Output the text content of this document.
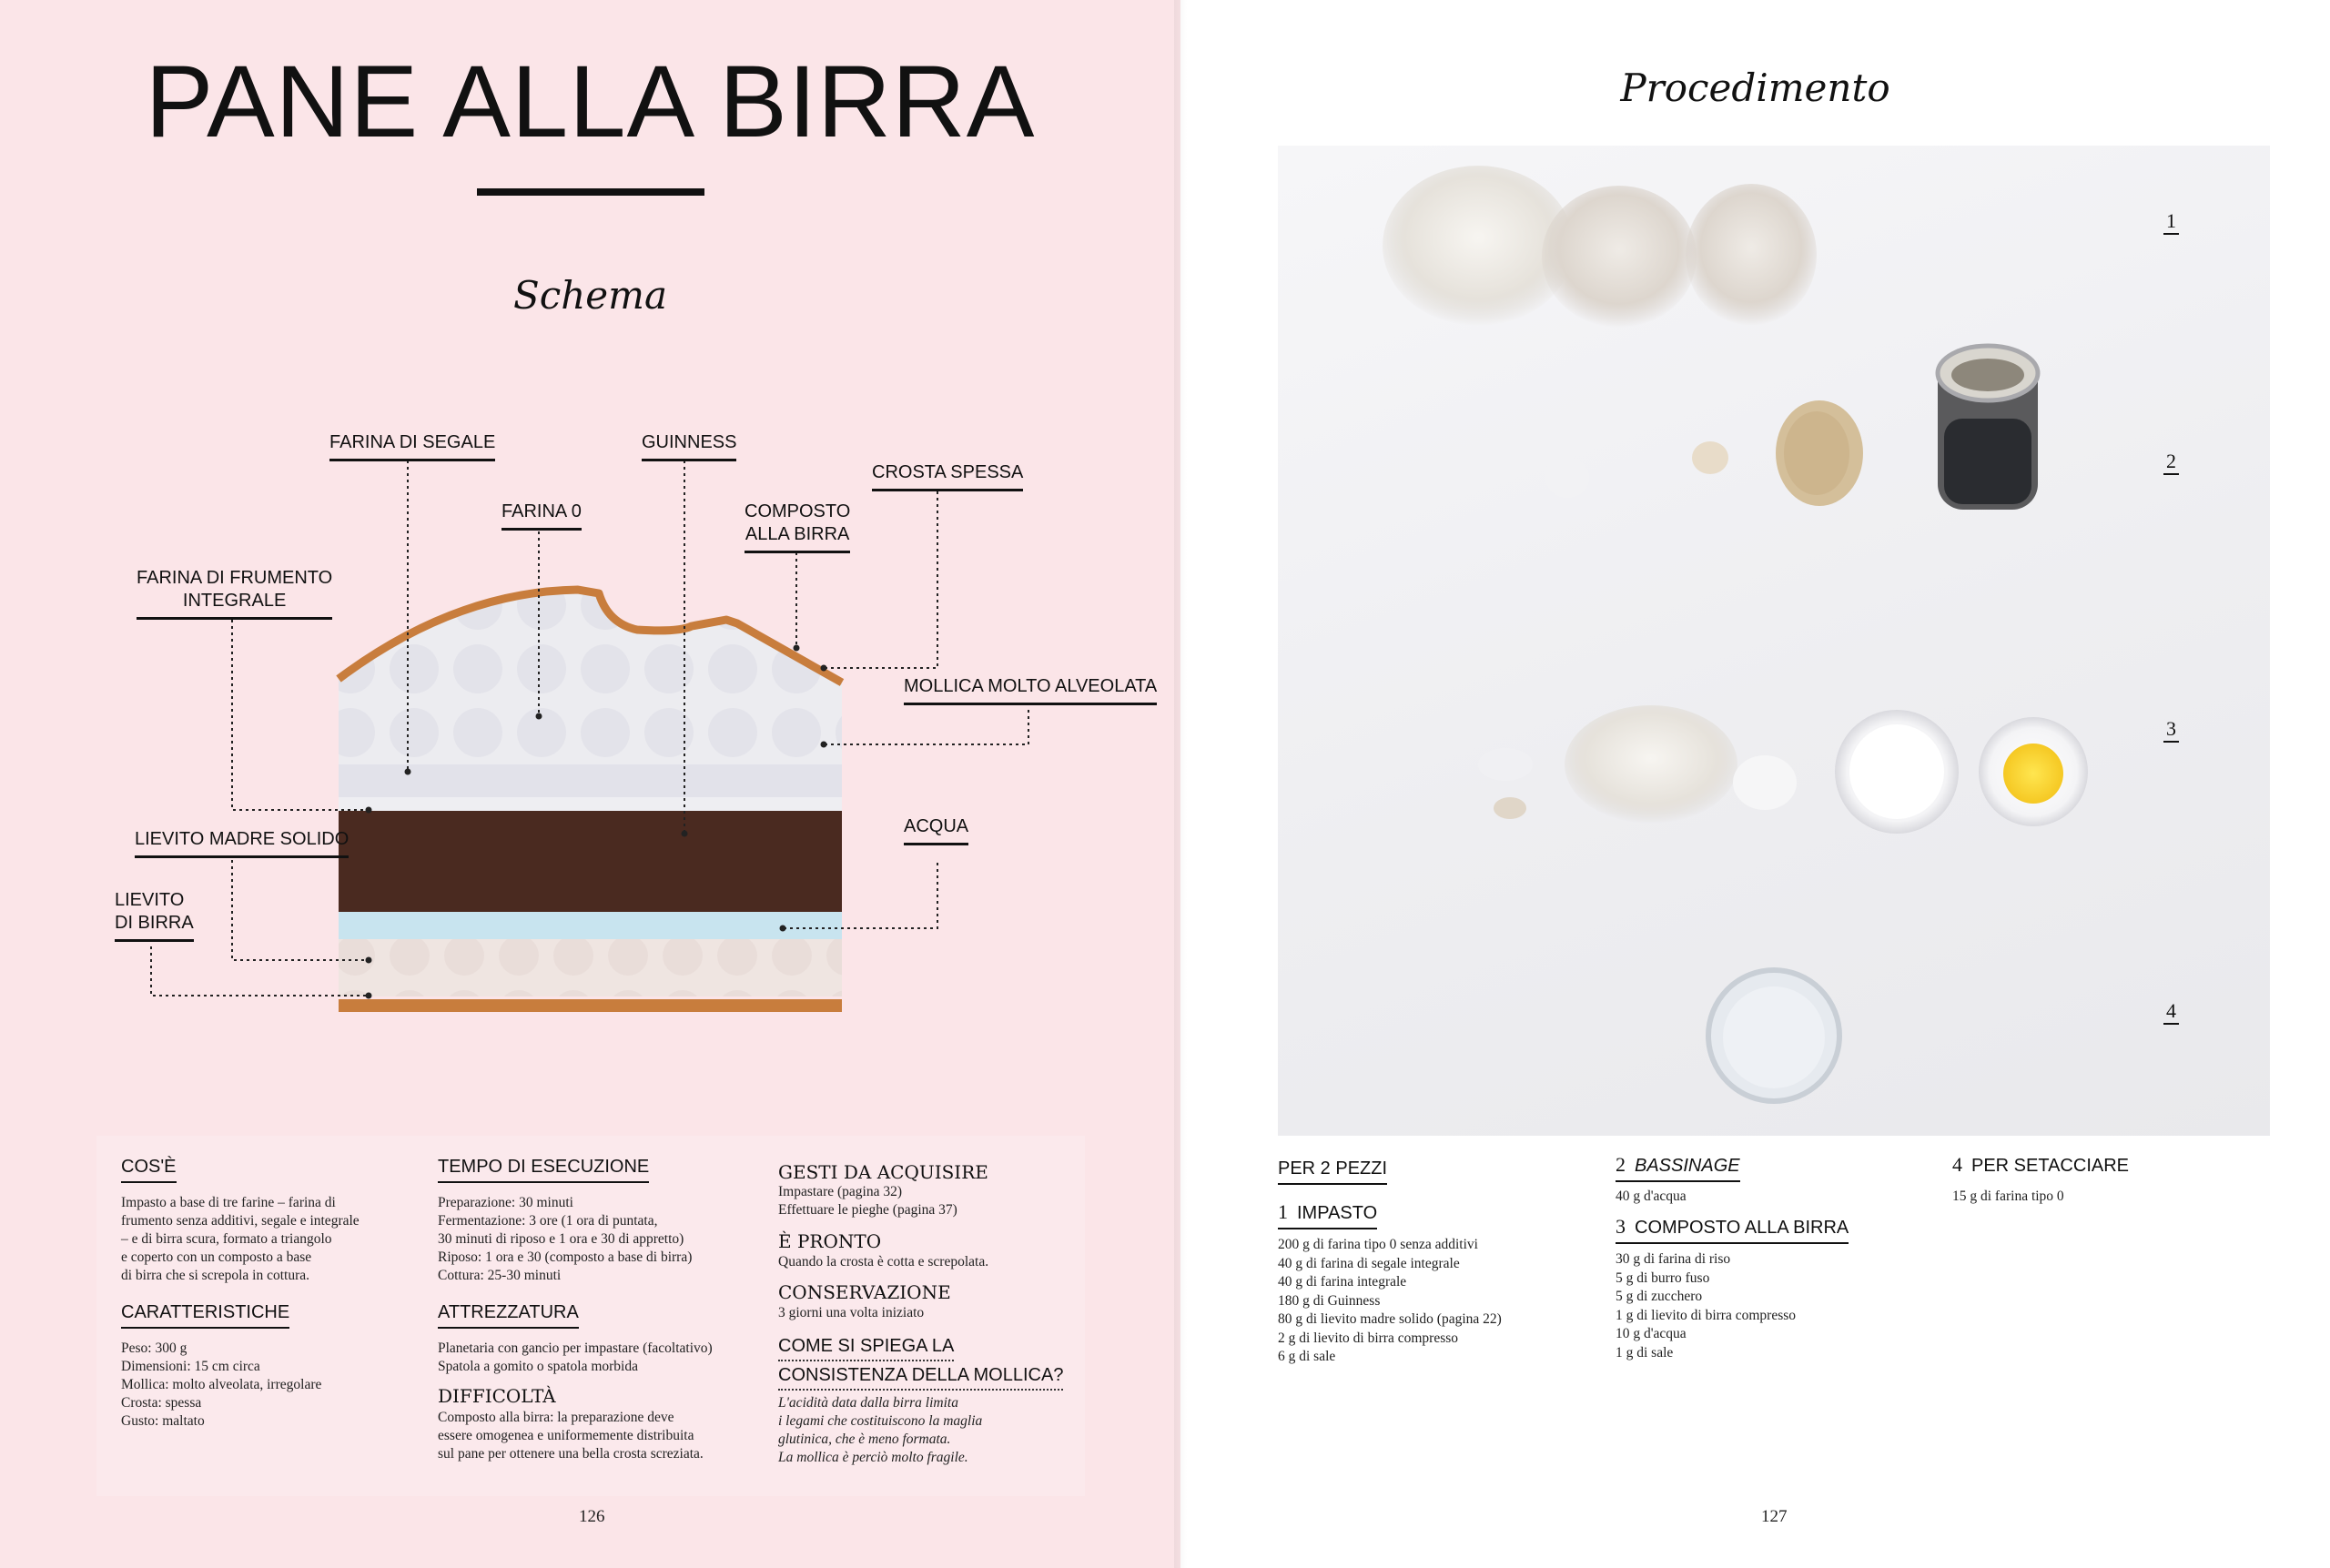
PANE ALLA BIRRA
Schema
FARINA DI SEGALE	GUINNESS
CROSTA SPESSA
FARINA 0	COMPOSTO
ALLA BIRRA
FARINA DI FRUMENTO
INTEGRALE
MOLLICA MOLTO ALVEOLATA
LIEVITO MADRE SOLIDO
ACQUA
LIEVITO
DI BIRRA
COS'È
Impasto a base di tre farine – farina di
frumento senza additivi, segale e integrale
– e di birra scura, formato a triangolo
e coperto con un composto a base
di birra che si screpola in cottura.
CARATTERISTICHE
Peso: 300 g
Dimensioni: 15 cm circa
Mollica: molto alveolata, irregolare
Crosta: spessa
Gusto: maltato
TEMPO DI ESECUZIONE
Preparazione: 30 minuti
Fermentazione: 3 ore (1 ora di puntata,
30 minuti di riposo e 1 ora e 30 di appretto)
Riposo: 1 ora e 30 (composto a base di birra)
Cottura: 25-30 minuti
ATTREZZATURA
Planetaria con gancio per impastare (facoltativo)
Spatola a gomito o spatola morbida
DIFFICOLTÀ
Composto alla birra: la preparazione deve
essere omogenea e uniformemente distribuita
sul pane per ottenere una bella crosta screziata.
GESTI DA ACQUISIRE
Impastare (pagina 32)
Effettuare le pieghe (pagina 37)
È PRONTO
Quando la crosta è cotta e screpolata.
CONSERVAZIONE
3 giorni una volta iniziato
COME SI SPIEGA LA
CONSISTENZA DELLA MOLLICA?
L'acidità data dalla birra limita
i legami che costituiscono la maglia
glutinica, che è meno formata.
La mollica è perciò molto fragile.
126
Procedimento
1
2
3
4
PER 2 PEZZI
1 IMPASTO
200 g di farina tipo 0 senza additivi
40 g di farina di segale integrale
40 g di farina integrale
180 g di Guinness
80 g di lievito madre solido (pagina 22)
2 g di lievito di birra compresso
6 g di sale
2 BASSINAGE
40 g d'acqua
3 COMPOSTO ALLA BIRRA
30 g di farina di riso
5 g di burro fuso
5 g di zucchero
1 g di lievito di birra compresso
10 g d'acqua
1 g di sale
4 PER SETACCIARE
15 g di farina tipo 0
127
